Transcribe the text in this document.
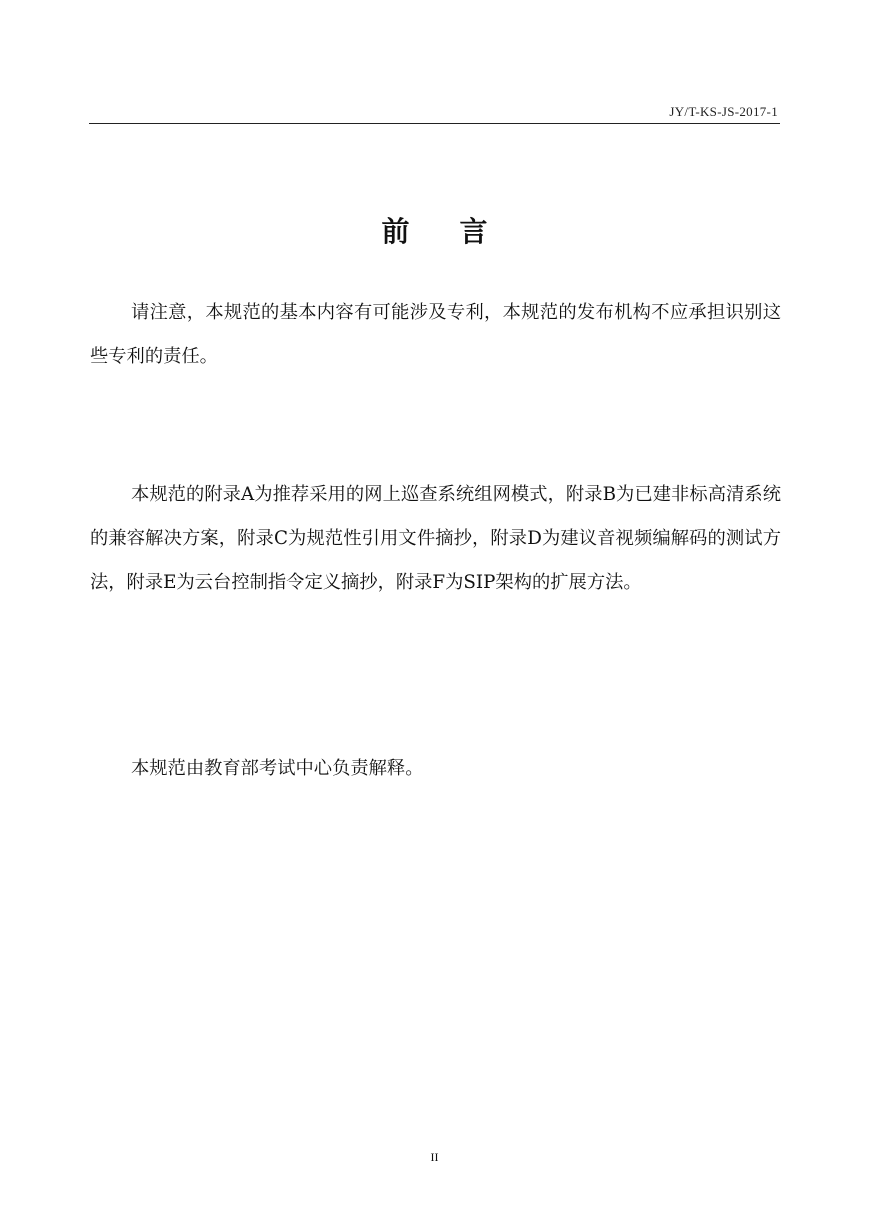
JY/T-KS-JS-2017-1
前言

请注意，本规范的基本内容有可能涉及专利，本规范的发布机构不应承担识别这些专利的责任。

本规范的附录A为推荐采用的网上巡查系统组网模式，附录B为已建非标高清系统的兼容解决方案，附录C为规范性引用文件摘抄，附录D为建议音视频编解码的测试方法，附录E为云台控制指令定义摘抄，附录F为SIP架构的扩展方法。

本规范由教育部考试中心负责解释。

II
